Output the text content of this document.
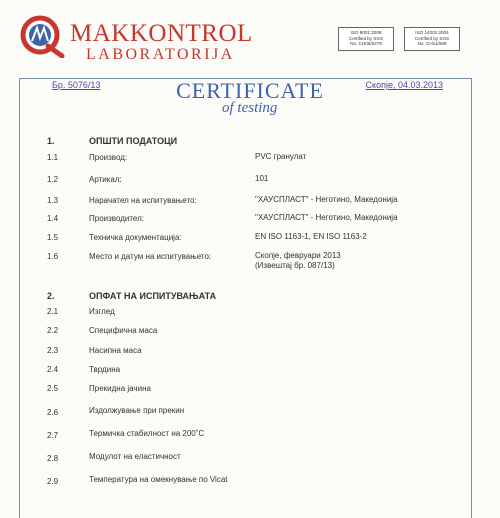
MAKKONTROL
LABORATORIJA
ISO 9001:2008
Certified by SGS
No. CH05/0279
ISO 14001:2004
Certified by SGS
No. CH11/089
Бр. 5076/13	Скопје, 04.03.2013
CERTIFICATE
of testing
1.	ОПШТИ ПОДАТОЦИ
1.1	Производ:	PVC гранулат
1.2	Артикал:	101
1.3	Нарачател на испитувањето:	"ХАУСПЛАСТ" - Неготино, Македонија
1.4	Производител:	"ХАУСПЛАСТ" - Неготино, Македонија
1.5	Техничка документација:	EN ISO 1163-1, EN ISO 1163-2
1.6	Место и датум на испитувањето:	Скопје, февруари 2013
(Извештај бр. 087/13)
2.	ОПФАТ НА ИСПИТУВАЊАТА
2.1	Изглед
2.2	Специфична маса
2.3	Насипна маса
2.4	Тврдина
2.5	Прекидна јачина
2.6	Издолжување при прекин
2.7	Термичка стабилност на 200˚C
2.8	Модулот на еластичност
2.9	Температура на омекнување по Vicat
